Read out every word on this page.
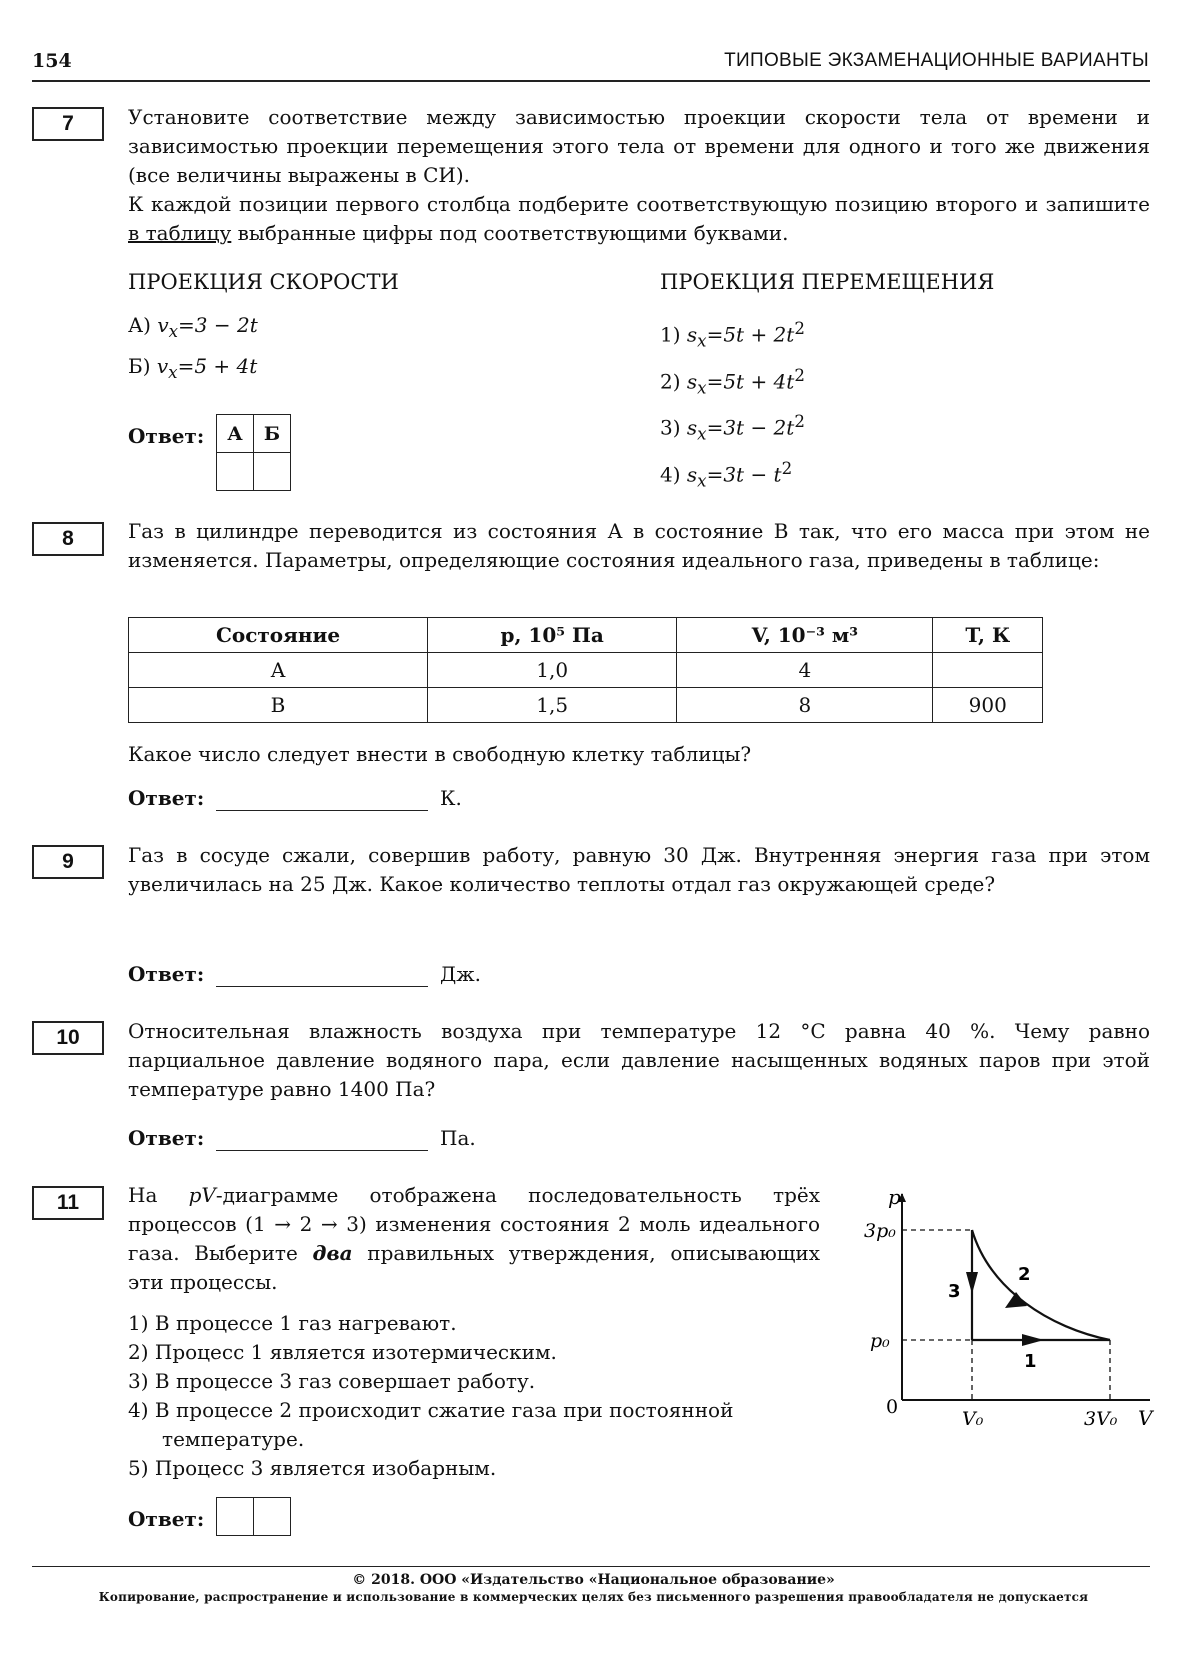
154	ТИПОВЫЕ ЭКЗАМЕНАЦИОННЫЕ ВАРИАНТЫ
7	Установите соответствие между зависимостью проекции скорости тела от времени и зависимостью проекции перемещения этого тела от времени для одного и того же движения (все величины выражены в СИ).

К каждой позиции первого столбца подберите соответствующую позицию второго и запишите в таблицу выбранные цифры под соответствующими буквами.

ПРОЕКЦИЯ СКОРОСТИ	ПРОЕКЦИЯ ПЕРЕМЕЩЕНИЯ
А) $v_x=3 - 2t$
Б) $v_x=5 + 4t$
1) $s_x=5t + 2t^2$
2) $s_x=5t + 4t^2$
3) $s_x=3t - 2t^2$
4) $s_x=3t - t^2$
Ответ: А	Б

8	Газ в цилиндре переводится из состояния А в состояние В так, что его масса при этом не изменяется. Параметры, определяющие состояния идеального газа, приведены в таблице:
Состояние	p, 10⁵ Па	V, 10⁻³ м³	T, К
А	1,0	4	
В	1,5	8	900
Какое число следует внести в свободную клетку таблицы?
Ответ:	К.
9	Газ в сосуде сжали, совершив работу, равную 30 Дж. Внутренняя энергия газа при этом увеличилась на 25 Дж. Какое количество теплоты отдал газ окружающей среде?
Ответ:	Дж.
10	Относительная влажность воздуха при температуре 12 °С равна 40 %. Чему равно парциальное давление водяного пара, если давление насыщенных водяных паров при этой температуре равно 1400 Па?
Ответ:	Па.
11	На pV-диаграмме отображена последовательность трёх процессов (1 → 2 → 3) изменения состояния 2 моль идеального газа. Выберите два правильных утверждения, описывающих эти процессы.
1) В процессе 1 газ нагревают.
2) Процесс 1 является изотермическим.
3) В процессе 3 газ совершает работу.
4) В процессе 2 происходит сжатие газа при постоянной
температуре.
5) Процесс 3 является изобарным.
Ответ:

p
V
3p₀
p₀
V₀	3V₀
0
1
2
3
© 2018. ООО «Издательство «Национальное образование»
Копирование, распространение и использование в коммерческих целях без письменного разрешения правообладателя не допускается
